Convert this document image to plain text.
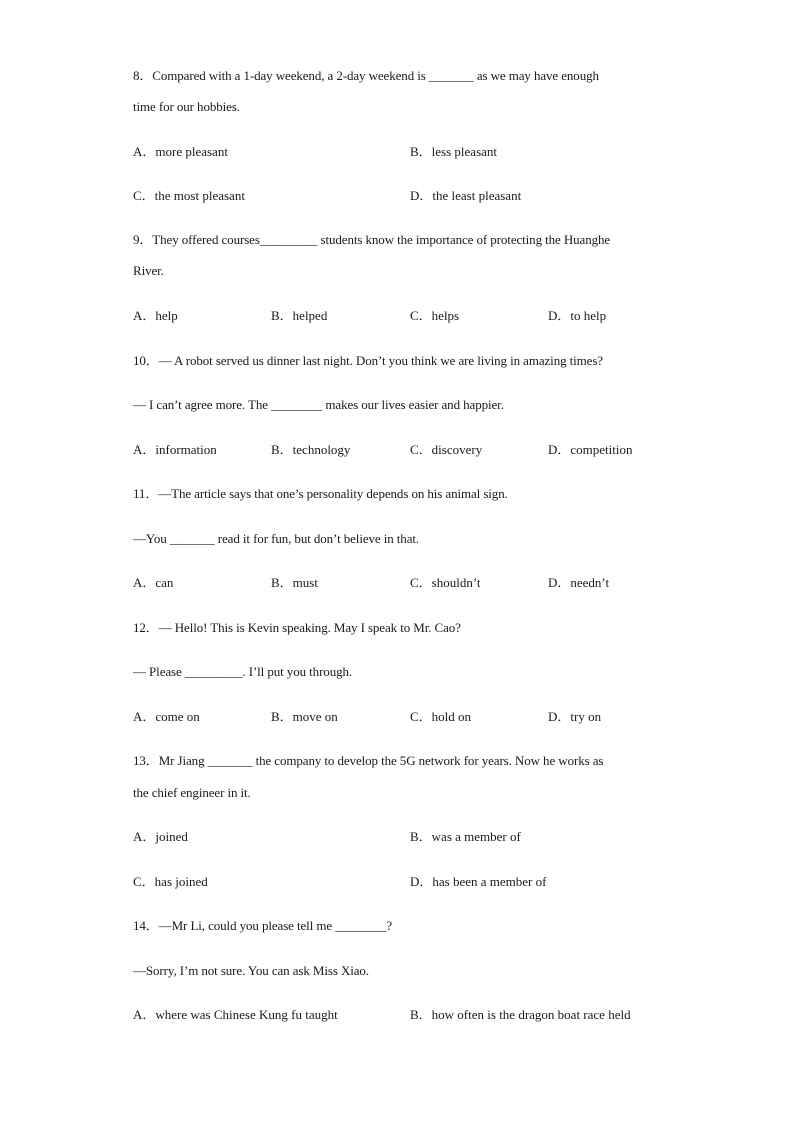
8．Compared with a 1-day weekend, a 2-day weekend is _______ as we may have enough
time for our hobbies.
A．more pleasant	B．less pleasant
C．the most pleasant	D．the least pleasant
9．They offered courses_________ students know the importance of protecting the Huanghe
River.
A．help	B．helped	C．helps	D．to help
10．— A robot served us dinner last night. Don’t you think we are living in amazing times?
— I can’t agree more. The ________ makes our lives easier and happier.
A．information	B．technology	C．discovery	D．competition
11．—The article says that one’s personality depends on his animal sign.
—You _______ read it for fun, but don’t believe in that.
A．can	B．must	C．shouldn’t	D．needn’t
12．— Hello! This is Kevin speaking. May I speak to Mr. Cao?
— Please _________. I’ll put you through.
A．come on	B．move on	C．hold on	D．try on
13．Mr Jiang _______ the company to develop the 5G network for years. Now he works as
the chief engineer in it.
A．joined	B．was a member of
C．has joined	D．has been a member of
14．—Mr Li, could you please tell me ________?
—Sorry, I’m not sure. You can ask Miss Xiao.
A．where was Chinese Kung fu taught	B．how often is the dragon boat race held
